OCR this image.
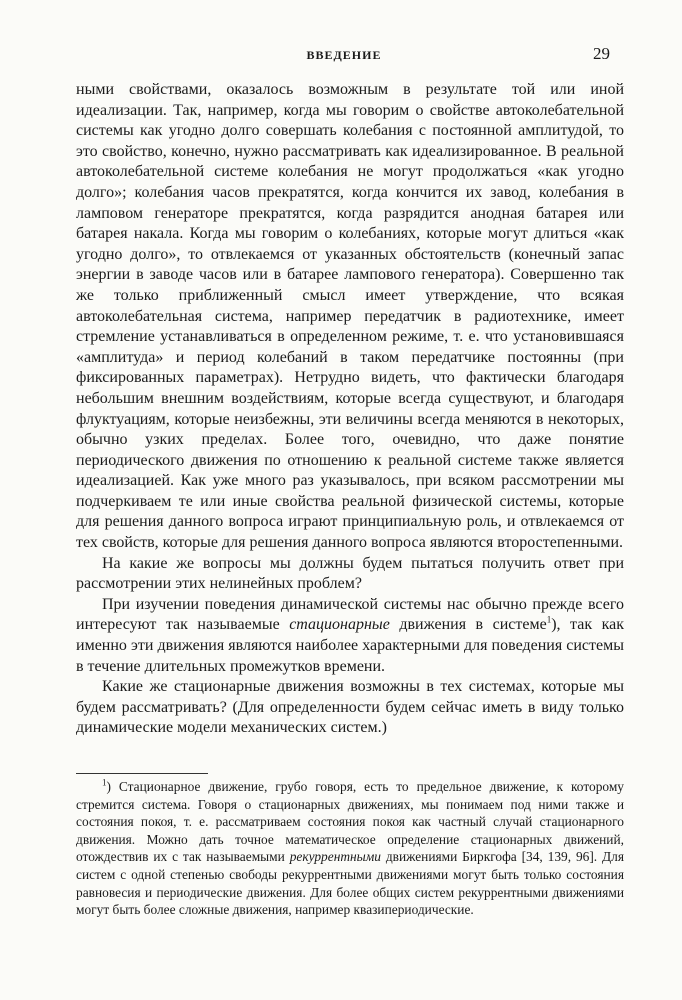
ВВЕДЕНИЕ	29

ными свойствами, оказалось возможным в результате той или иной идеализации. Так, например, когда мы говорим о свойстве автоколебательной системы как угодно долго совершать колебания с постоянной амплитудой, то это свойство, конечно, нужно рассматривать как идеализированное. В реальной автоколебательной системе колебания не могут продолжаться «как угодно долго»; колебания часов прекратятся, когда кончится их завод, колебания в ламповом генераторе прекратятся, когда разрядится анодная батарея или батарея накала. Когда мы говорим о колебаниях, которые могут длиться «как угодно долго», то отвлекаемся от указанных обстоятельств (конечный запас энергии в заводе часов или в батарее лампового генератора). Совершенно так же только приближенный смысл имеет утверждение, что всякая автоколебательная система, например передатчик в радиотехнике, имеет стремление устанавливаться в определенном режиме, т. е. что установившаяся «амплитуда» и период колебаний в таком передатчике постоянны (при фиксированных параметрах). Нетрудно видеть, что фактически благодаря небольшим внешним воздействиям, которые всегда существуют, и благодаря флуктуациям, которые неизбежны, эти величины всегда меняются в некоторых, обычно узких пределах. Более того, очевидно, что даже понятие периодического движения по отношению к реальной системе также является идеализацией. Как уже много раз указывалось, при всяком рассмотрении мы подчеркиваем те или иные свойства реальной физической системы, которые для решения данного вопроса играют принципиальную роль, и отвлекаемся от тех свойств, которые для решения данного вопроса являются второстепенными.

На какие же вопросы мы должны будем пытаться получить ответ при рассмотрении этих нелинейных проблем?

При изучении поведения динамической системы нас обычно прежде всего интересуют так называемые стационарные движения в системе$^1$), так как именно эти движения являются наиболее характерными для поведения системы в течение длительных промежутков времени.

Какие же стационарные движения возможны в тех системах, которые мы будем рассматривать? (Для определенности будем сейчас иметь в виду только динамические модели механических систем.)

$^1$) Стационарное движение, грубо говоря, есть то предельное движение, к которому стремится система. Говоря о стационарных движениях, мы понимаем под ними также и состояния покоя, т. е. рассматриваем состояния покоя как частный случай стационарного движения. Можно дать точное математическое определение стационарных движений, отождествив их с так называемыми рекуррентными движениями Биркгофа [34, 139, 96]. Для систем с одной степенью свободы рекуррентными движениями могут быть только состояния равновесия и периодические движения. Для более общих систем рекуррентными движениями могут быть более сложные движения, например квазипериодические.
